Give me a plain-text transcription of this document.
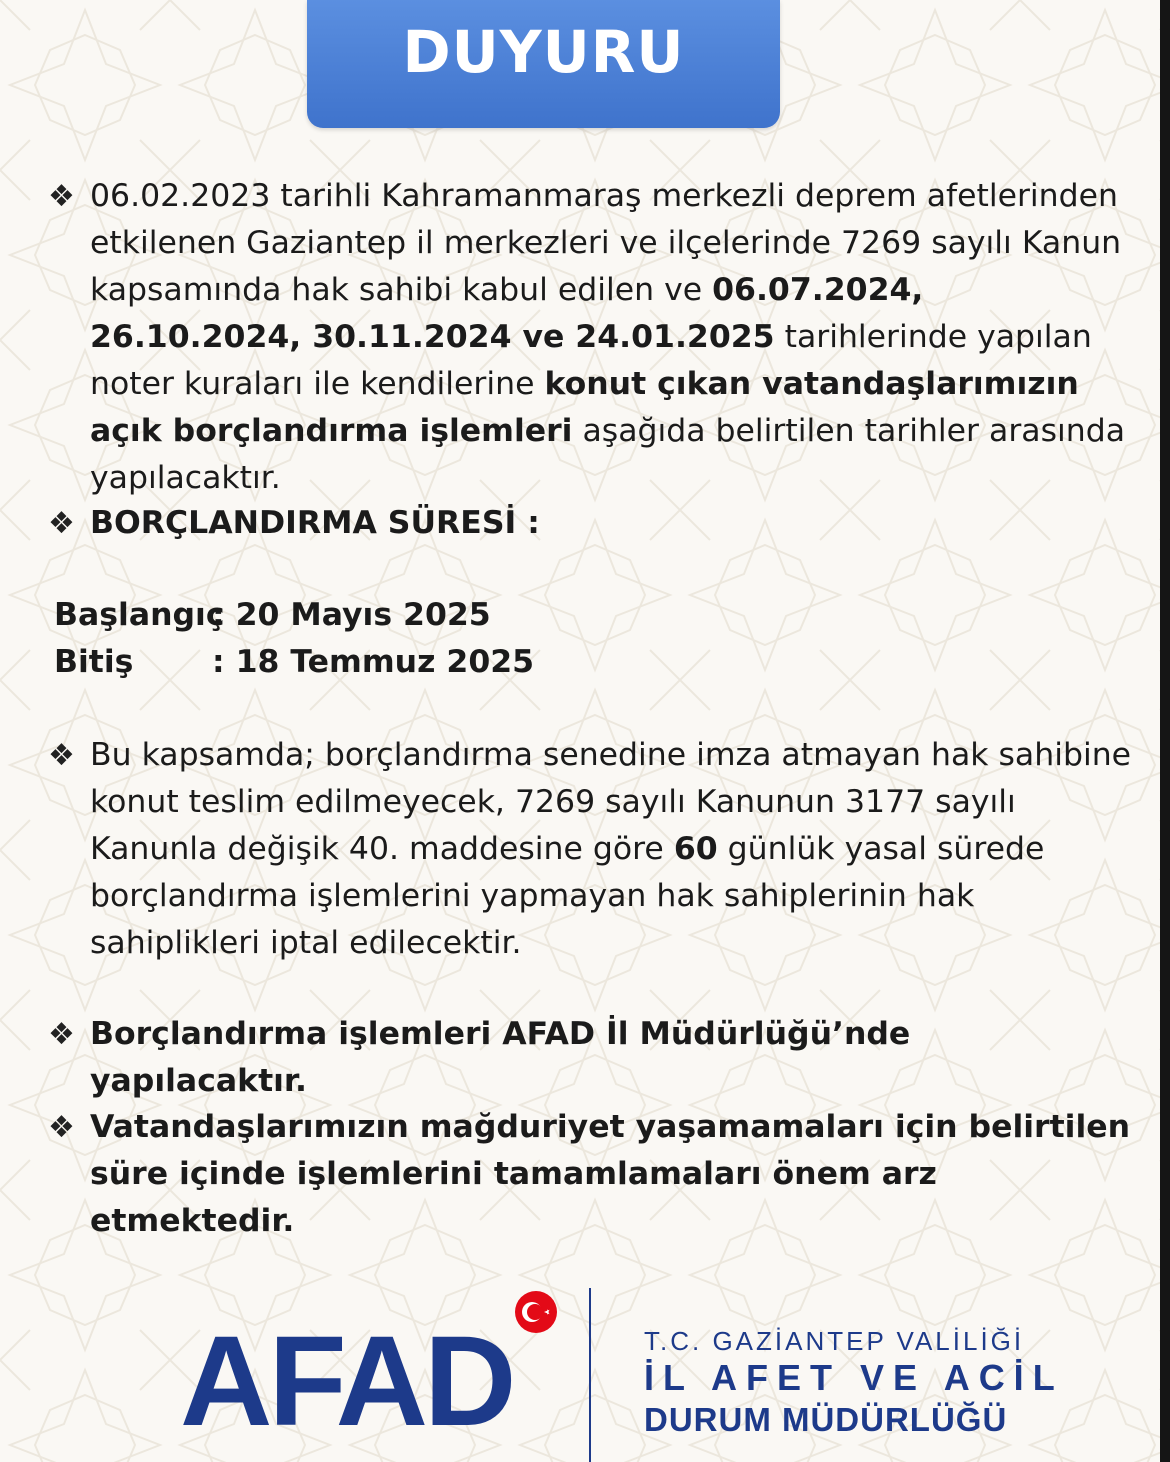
DUYURU
❖ 06.02.2023 tarihli Kahramanmaraş merkezli deprem afetlerinden etkilenen Gaziantep il merkezleri ve ilçelerinde 7269 sayılı Kanun kapsamında hak sahibi kabul edilen ve 06.07.2024, 26.10.2024, 30.11.2024 ve 24.01.2025 tarihlerinde yapılan noter kuraları ile kendilerine konut çıkan vatandaşlarımızın açık borçlandırma işlemleri aşağıda belirtilen tarihler arasında yapılacaktır.
❖ BORÇLANDIRMA SÜRESİ :
Başlangıç: 20 Mayıs 2025
Bitiş : 18 Temmuz 2025
❖ Bu kapsamda; borçlandırma senedine imza atmayan hak sahibine konut teslim edilmeyecek, 7269 sayılı Kanunun 3177 sayılı Kanunla değişik 40. maddesine göre 60 günlük yasal sürede borçlandırma işlemlerini yapmayan hak sahiplerinin hak sahiplikleri iptal edilecektir.
❖ Borçlandırma işlemleri AFAD İl Müdürlüğü’nde yapılacaktır.
❖ Vatandaşlarımızın mağduriyet yaşamamaları için belirtilen süre içinde işlemlerini tamamlamaları önem arz etmektedir.
AFAD	T.C. GAZİANTEP VALİLİĞİ
İL AFET VE ACİL
DURUM MÜDÜRLÜĞÜ
